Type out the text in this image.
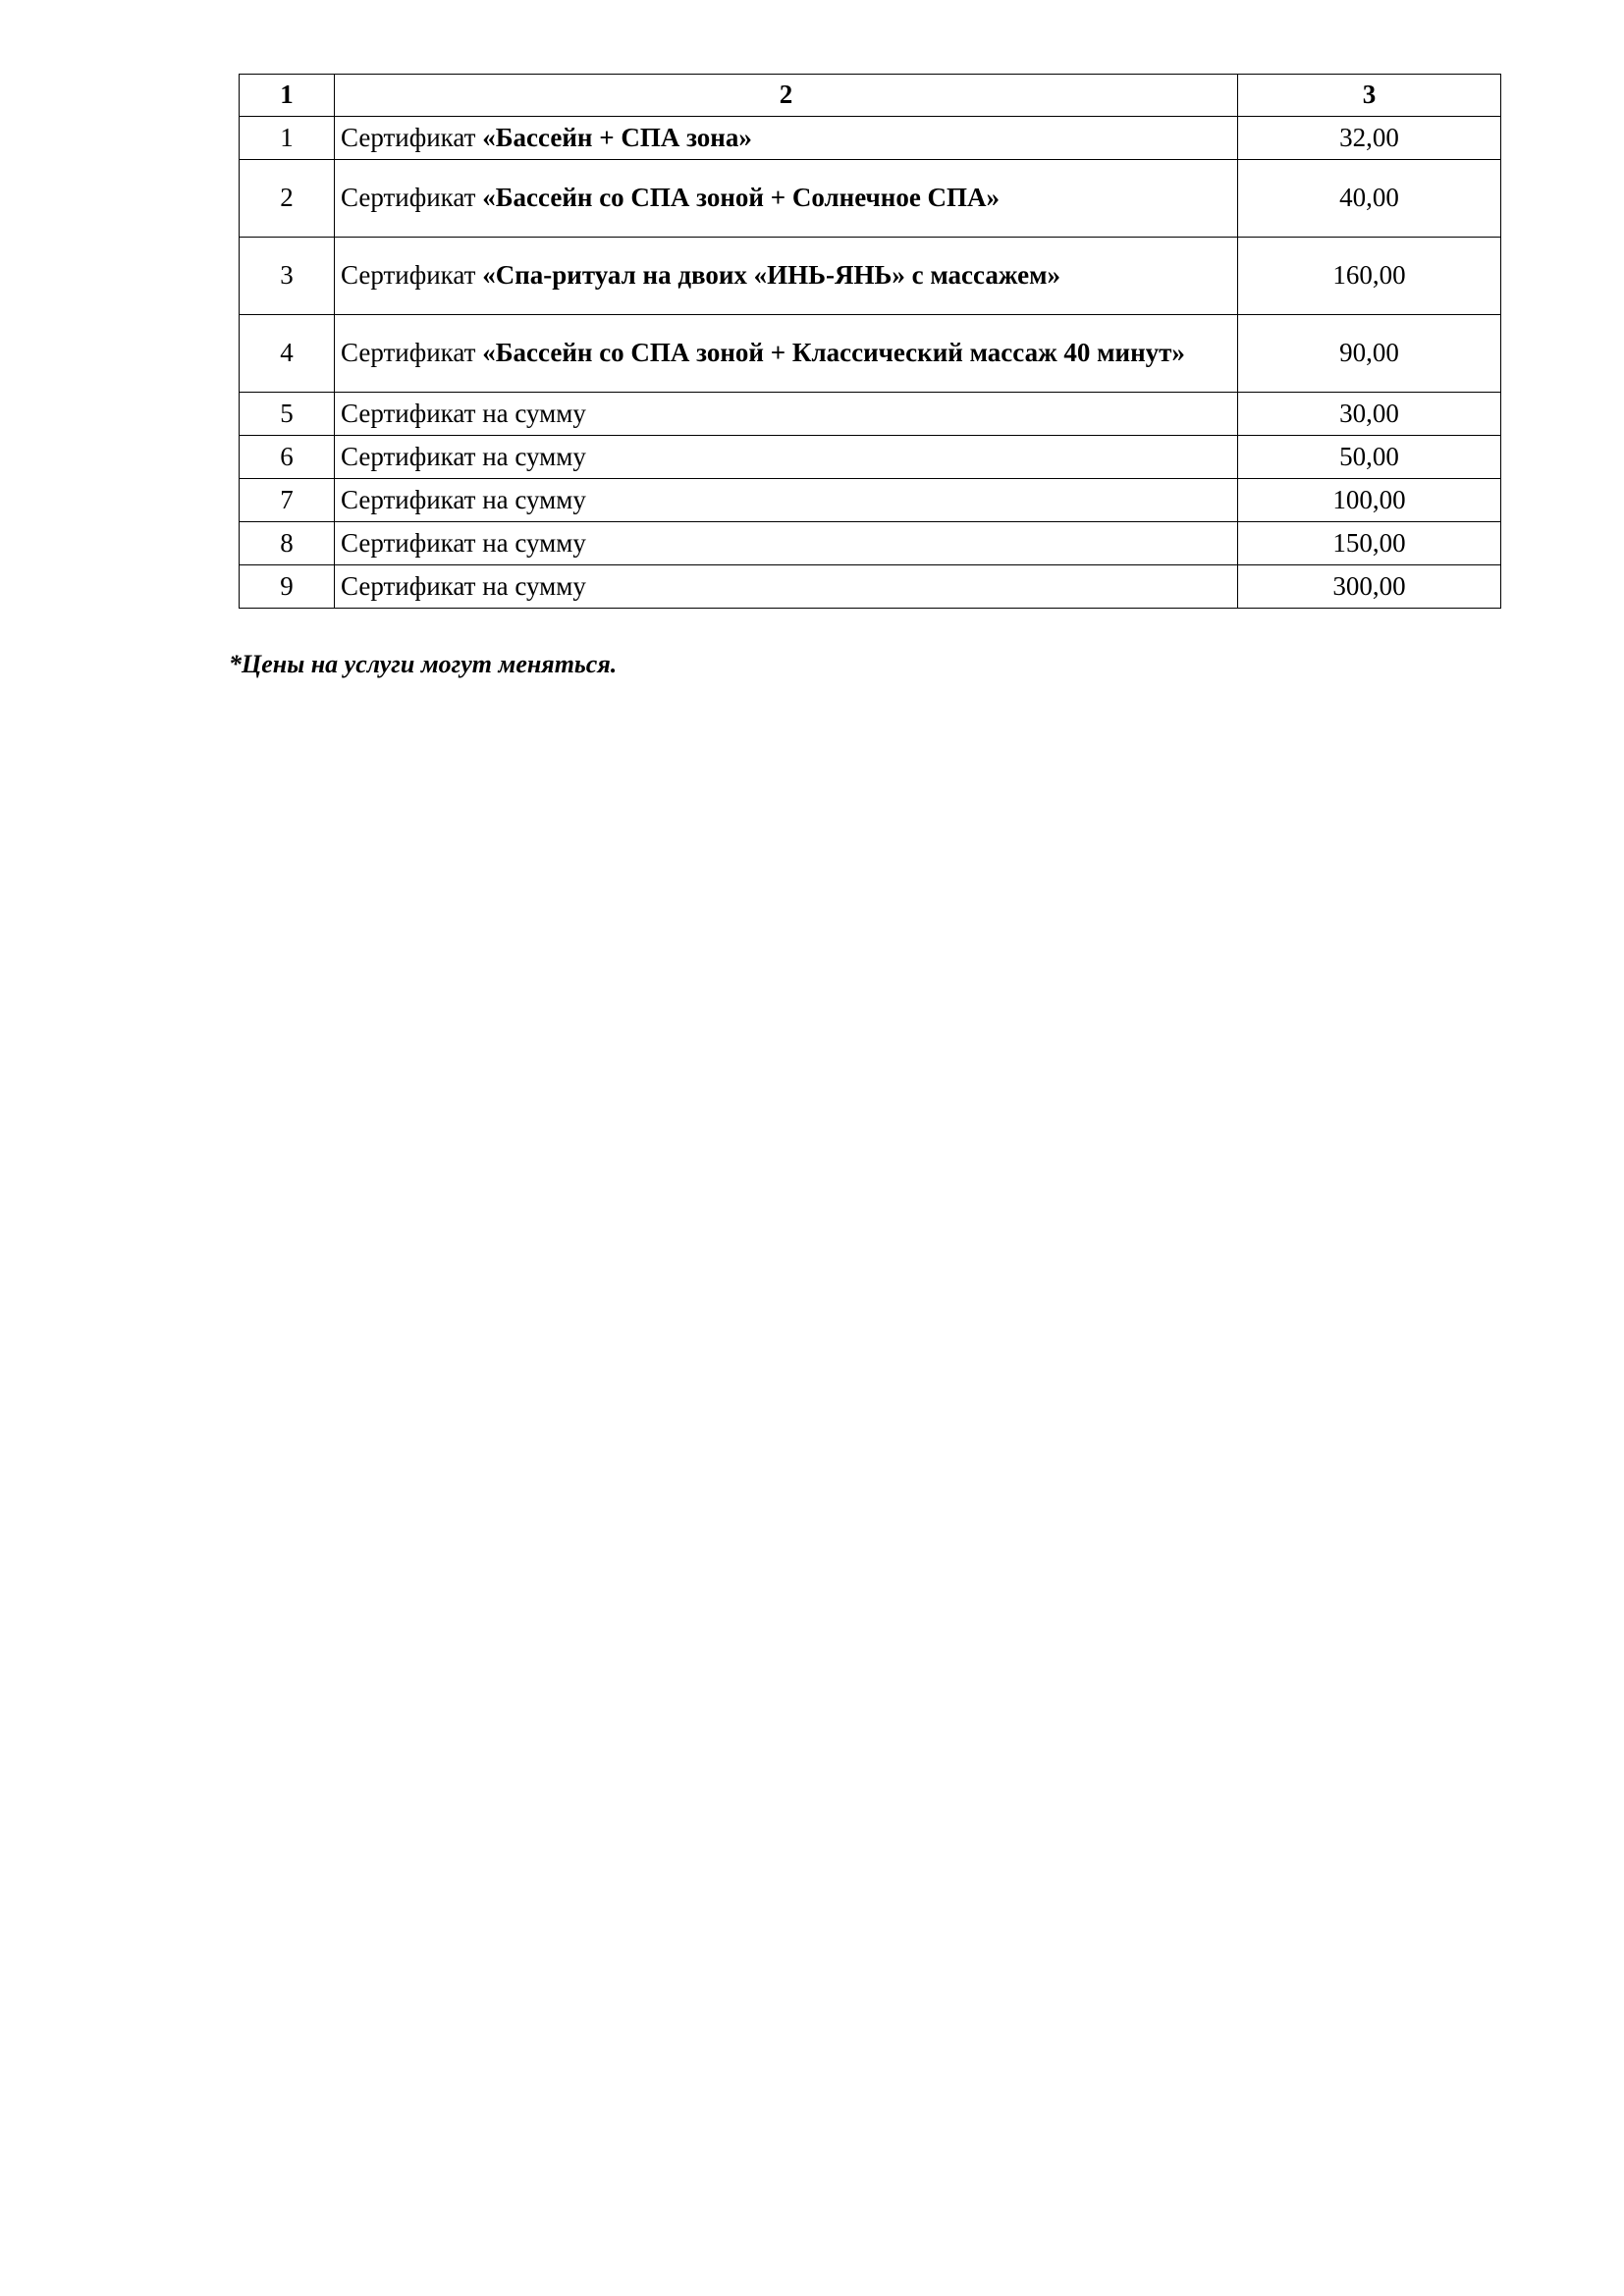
1	2	3
1	Сертификат «Бассейн + СПА зона»	32,00
2	Сертификат «Бассейн со СПА зоной + Солнечное СПА»	40,00
3	Сертификат «Спа-ритуал на двоих «ИНЬ-ЯНЬ» с массажем»	160,00
4	Сертификат «Бассейн со СПА зоной + Классический массаж 40 минут»	90,00
5	Сертификат на сумму	30,00
6	Сертификат на сумму	50,00
7	Сертификат на сумму	100,00
8	Сертификат на сумму	150,00
9	Сертификат на сумму	300,00
*Цены на услуги могут меняться.
